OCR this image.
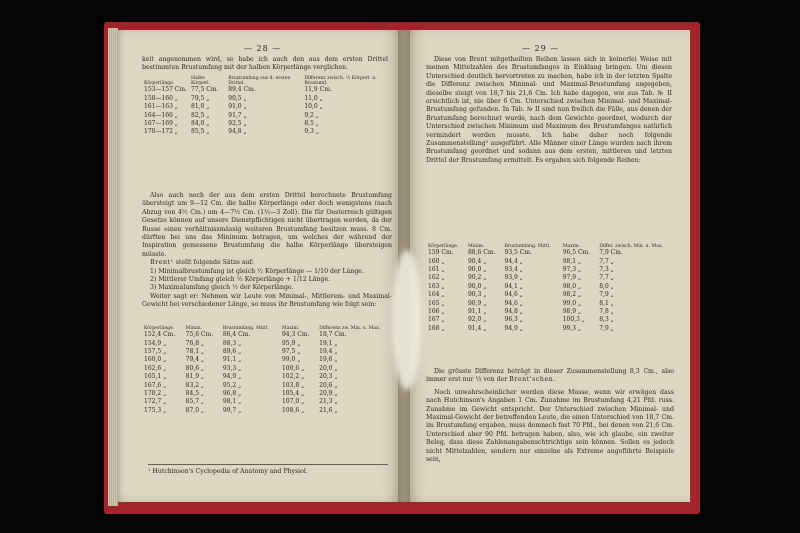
— 28 —

keit angenommen wird, so habe ich auch den aus dem ersten Drittel bestimmten Brustumfang mit der halben Körperlänge verglichen.

Körperlänge.	Halbe Körperl.	Brustumfang aus d. ersten Drittel.	Differenz zwisch. ½ Körperl. u. Brustumf.
153—157 Cm.	77,5 Cm.	89,4 Cm.	11,9 Cm.
158—160 „	79,5 „	90,5 „	11,0 „
161—163 „	81,0 „	91,0 „	10,0 „
164—166 „	82,5 „	91,7 „	9,2 „
167—169 „	84,0 „	92,5 „	8,5 „
170—172 „	85,5 „	94,8 „	9,3 „

Also auch noch der aus dem ersten Drittel berechnete Brustumfang übersteigt um 9—12 Cm. die halbe Körperlänge oder doch wenigstens (nach Abzug von 4½ Cm.) um 4—7½ Cm. (1½—3 Zoll). Die für Oesterreich gültigen Gesetze können auf unsere Dienstpflichtigen nicht übertragen werden, da der Russe einen verhältnissmässig weiteren Brustumfang besitzen muss. 8 Cm. dürften bei uns das Minimum betragen, um welches der während der Inspiration gemessene Brustumfang die halbe Körperlänge übersteigen müsste.

Brent¹ stellt folgende Sätze auf:

1) Minimalbrustumfang ist gleich ½ Körperlänge — 1/10 der Länge.

2) Mittlerer Umfang gleich ½ Körperlänge + 1/12 Länge.

3) Maximalumfang gleich ½ der Körperlänge.

Weiter sagt er: Nehmen wir Leute von Minimal-, Mittlerem- und Maximal-Gewicht bei verschiedener Länge, so muss ihr Brustumfang wie folgt sein:

Körperlänge.	Minim.	Brustumfang. Mittl.	Maxim.	Differenz zw. Min. u. Max.
152,4 Cm.	75,6 Cm.	86,4 Cm.	94,3 Cm.	18,7 Cm.
154,9 „	76,8 „	88,3 „	95,9 „	19,1 „
157,5 „	78,1 „	89,6 „	97,5 „	19,4 „
160,0 „	79,4 „	91,1 „	99,0 „	19,6 „
162,6 „	80,6 „	93,3 „	100,6 „	20,0 „
165,1 „	81,9 „	94,0 „	102,2 „	20,3 „
167,6 „	83,2 „	95,2 „	103,8 „	20,6 „
170,2 „	84,5 „	96,8 „	105,4 „	20,9 „
172,7 „	85,7 „	98,1 „	107,0 „	21,3 „
175,3 „	87,0 „	99,7 „	108,6 „	21,6 „
¹ Hutchinson's Cyclopedia of Anatomy and Physiol.
— 29 —

Diese von Brent mitgetheilten Reihen lassen sich in keinerlei Weise mit meinen Mittelzahlen des Brustumfanges in Einklang bringen. Um diesen Unterschied deutlich hervortreten zu machen, habe ich in der letzten Spalte die Differenz zwischen Minimal- und Maximal-Brustumfang angegeben, dieselbe steigt von 18,7 bis 21,6 Cm. Ich habe dagegen, wie aus Tab. № II ersichtlich ist, nie über 6 Cm. Unterschied zwischen Minimal- und Maximal-Brustumfang gefunden. In Tab. № II sind nun freilich die Fälle, aus denen der Brustumfang berechnet wurde, nach dem Gewichte geordnet, wodurch der Unterschied zwischen Minimum und Maximum des Brustumfanges natürlich vermindert werden musste. Ich habe daher noch folgende Zusammenstellung² ausgeführt. Alle Männer einer Länge wurden nach ihrem Brustumfang geordnet und sodann aus dem ersten, mittleren und letzten Drittel der Brustumfang ermittelt. Es ergaben sich folgende Reihen:

Körperlänge.	Minim.	Brustumfang. Mittl.	Maxim.	Differ. zwisch. Min. u. Max.
159 Cm.	88,6 Cm.	93,5 Cm.	96,5 Cm.	7,9 Cm.
160 „	90,4 „	94,4 „	98,1 „	7,7 „
161 „	90,0 „	93,4 „	97,3 „	7,3 „
162 „	90,2 „	93,9 „	97,9 „	7,7 „
163 „	90,0 „	94,1 „	98,0 „	8,0 „
164 „	90,3 „	94,6 „	98,2 „	7,9 „
165 „	90,9 „	94,6 „	99,0 „	8,1 „
166 „	91,1 „	94,8 „	98,9 „	7,8 „
167 „	92,0 „	96,3 „	100,3 „	8,3 „
168 „	91,4 „	94,9 „	99,3 „	7,9 „

Die grösste Differenz beträgt in dieser Zusammenstellung 8,3 Cm., also immer erst nur ⅓ von der Brent'schen.

Noch unwahrscheinlicher werden diese Masse, wenn wir erwägen dass nach Hutchinson's Angaben 1 Cm. Zunahme im Brustumfang 4,21 Pfd. russ. Zunahme im Gewicht entspricht. Der Unterschied zwischen Minimal- und Maximal-Gewicht der betreffenden Leute, die einen Unterschied von 18,7 Cm. im Brustumfang ergaben, muss demnach fast 70 Pfd., bei denen von 21,6 Cm. Unterschied aber 90 Pfd. betragen haben, also, wie ich glaube, ein zweiter Beleg, dass diese Zahlenangabenschtrichtige sein können. Sollen es jedoch nicht Mittelzahlen, sondern nur einzelne als Extreme angeführte Beispiele sein,
